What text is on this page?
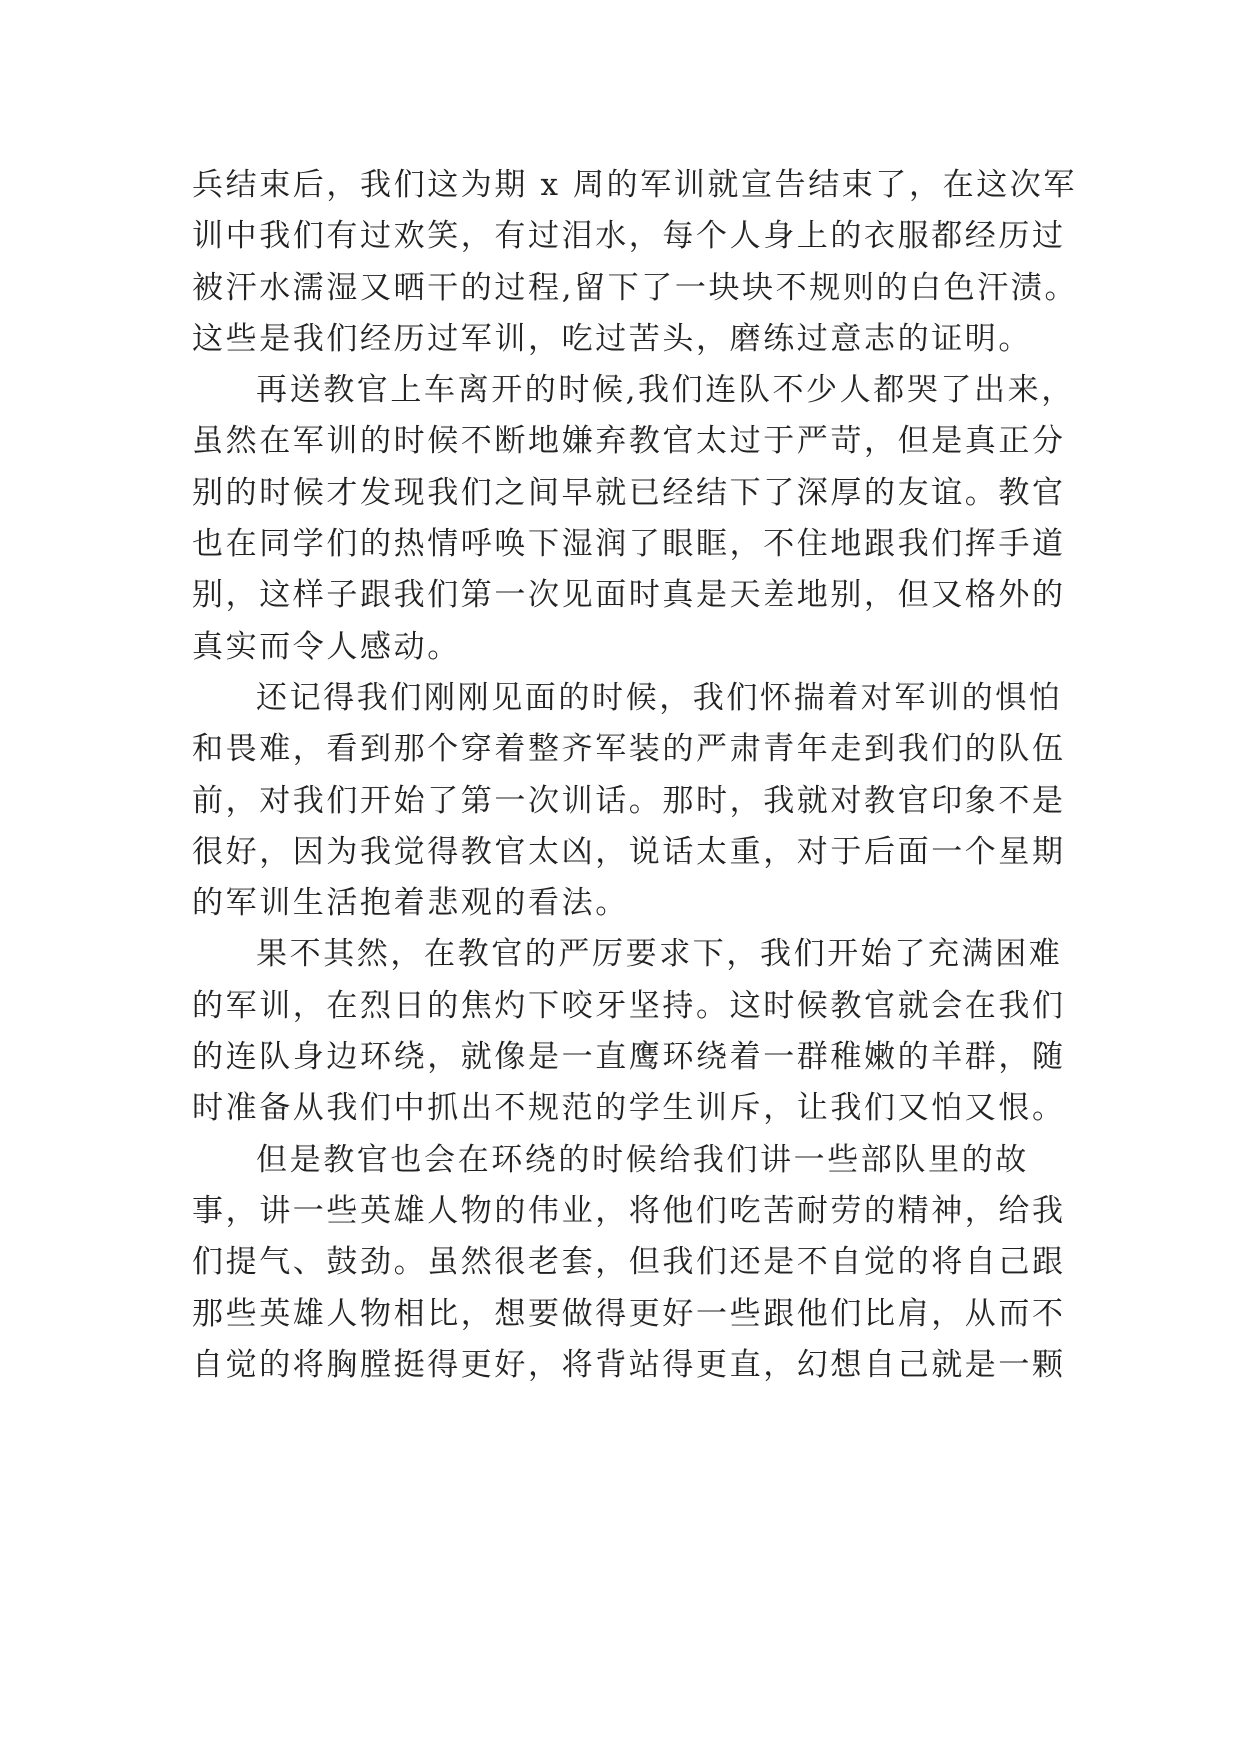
兵结束后，我们这为期 x 周的军训就宣告结束了，在这次军
训中我们有过欢笑，有过泪水，每个人身上的衣服都经历过
被汗水濡湿又晒干的过程,留下了一块块不规则的白色汗渍。
这些是我们经历过军训，吃过苦头，磨练过意志的证明。
再送教官上车离开的时候,我们连队不少人都哭了出来，
虽然在军训的时候不断地嫌弃教官太过于严苛，但是真正分
别的时候才发现我们之间早就已经结下了深厚的友谊。教官
也在同学们的热情呼唤下湿润了眼眶，不住地跟我们挥手道
别，这样子跟我们第一次见面时真是天差地别，但又格外的
真实而令人感动。
还记得我们刚刚见面的时候，我们怀揣着对军训的惧怕
和畏难，看到那个穿着整齐军装的严肃青年走到我们的队伍
前，对我们开始了第一次训话。那时，我就对教官印象不是
很好，因为我觉得教官太凶，说话太重，对于后面一个星期
的军训生活抱着悲观的看法。
果不其然，在教官的严厉要求下，我们开始了充满困难
的军训，在烈日的焦灼下咬牙坚持。这时候教官就会在我们
的连队身边环绕，就像是一直鹰环绕着一群稚嫩的羊群，随
时准备从我们中抓出不规范的学生训斥，让我们又怕又恨。
但是教官也会在环绕的时候给我们讲一些部队里的故
事，讲一些英雄人物的伟业，将他们吃苦耐劳的精神，给我
们提气、鼓劲。虽然很老套，但我们还是不自觉的将自己跟
那些英雄人物相比，想要做得更好一些跟他们比肩，从而不
自觉的将胸膛挺得更好，将背站得更直，幻想自己就是一颗
